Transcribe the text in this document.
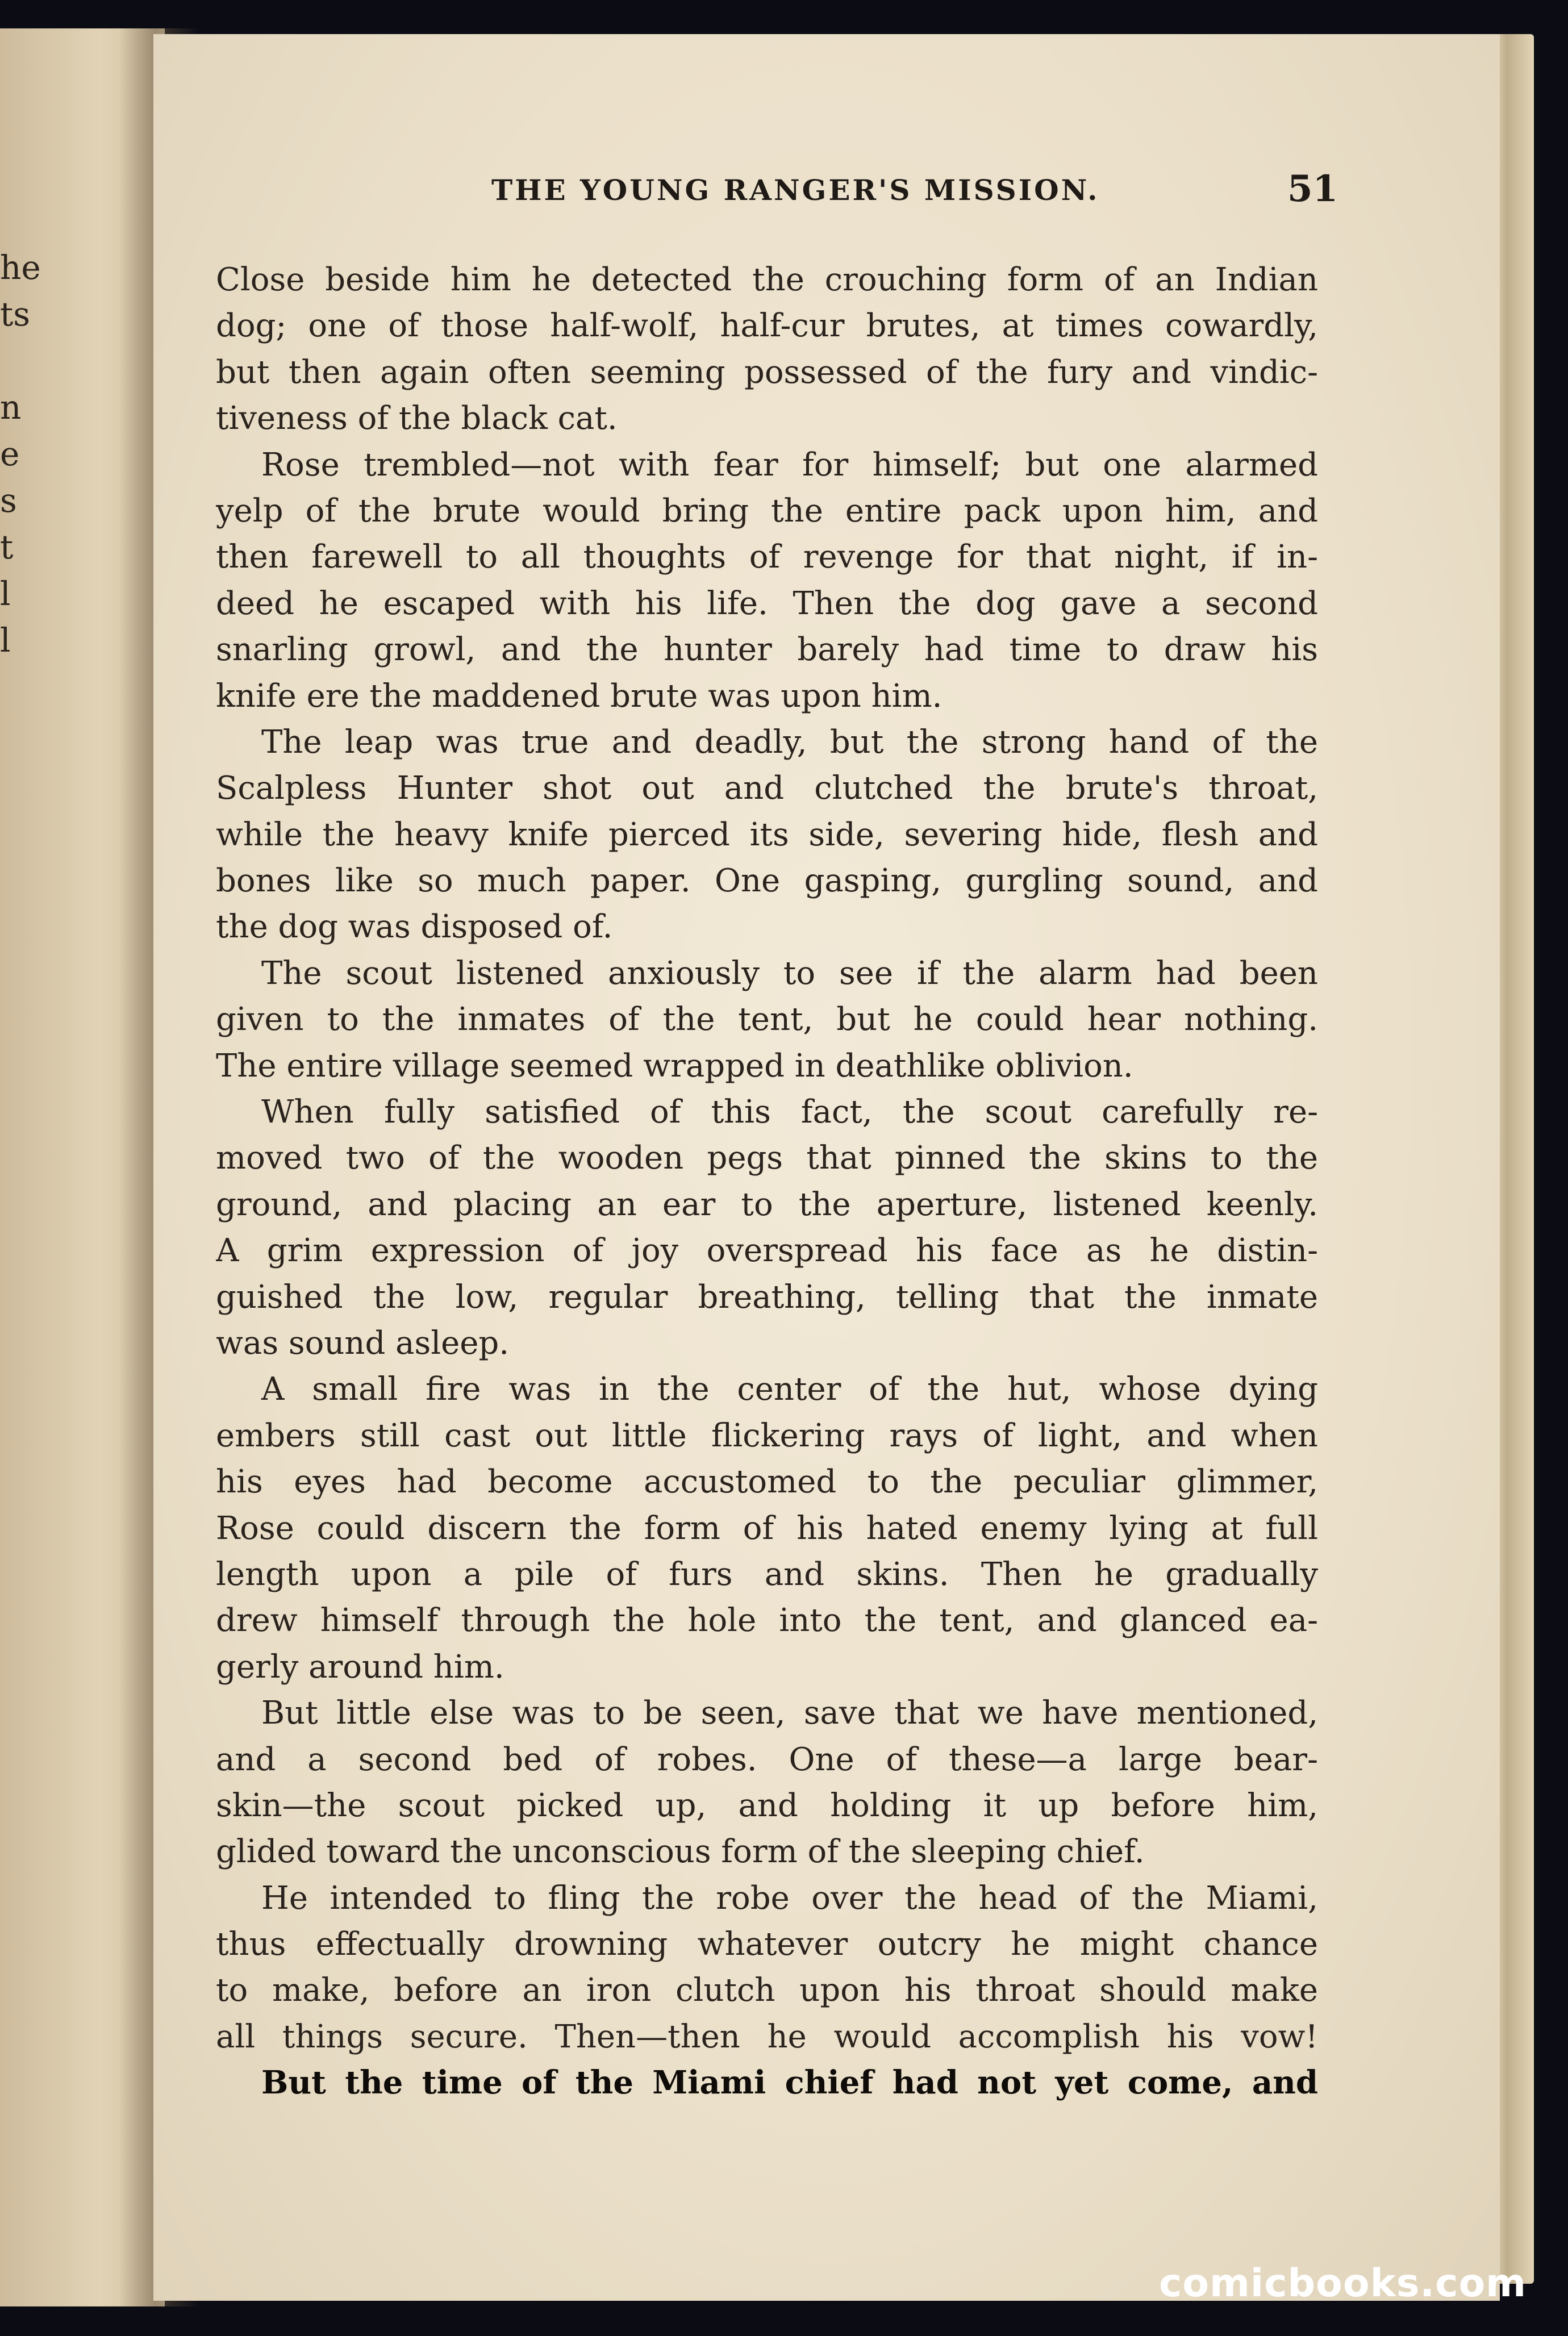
he
ts

n
e
s
t
l
l
THE YOUNG RANGER'S MISSION.	51
Close beside him he detected the crouching form of an Indian
dog; one of those half-wolf, half-cur brutes, at times cowardly,
but then again often seeming possessed of the fury and vindic-
tiveness of the black cat.
Rose trembled—not with fear for himself; but one alarmed
yelp of the brute would bring the entire pack upon him, and
then farewell to all thoughts of revenge for that night, if in-
deed he escaped with his life. Then the dog gave a second
snarling growl, and the hunter barely had time to draw his
knife ere the maddened brute was upon him.
The leap was true and deadly, but the strong hand of the
Scalpless Hunter shot out and clutched the brute's throat,
while the heavy knife pierced its side, severing hide, flesh and
bones like so much paper. One gasping, gurgling sound, and
the dog was disposed of.
The scout listened anxiously to see if the alarm had been
given to the inmates of the tent, but he could hear nothing.
The entire village seemed wrapped in deathlike oblivion.
When fully satisfied of this fact, the scout carefully re-
moved two of the wooden pegs that pinned the skins to the
ground, and placing an ear to the aperture, listened keenly.
A grim expression of joy overspread his face as he distin-
guished the low, regular breathing, telling that the inmate
was sound asleep.
A small fire was in the center of the hut, whose dying
embers still cast out little flickering rays of light, and when
his eyes had become accustomed to the peculiar glimmer,
Rose could discern the form of his hated enemy lying at full
length upon a pile of furs and skins. Then he gradually
drew himself through the hole into the tent, and glanced ea-
gerly around him.
But little else was to be seen, save that we have mentioned,
and a second bed of robes. One of these—a large bear-
skin—the scout picked up, and holding it up before him,
glided toward the unconscious form of the sleeping chief.
He intended to fling the robe over the head of the Miami,
thus effectually drowning whatever outcry he might chance
to make, before an iron clutch upon his throat should make
all things secure. Then—then he would accomplish his vow!
But the time of the Miami chief had not yet come, and
comicbooks.com
